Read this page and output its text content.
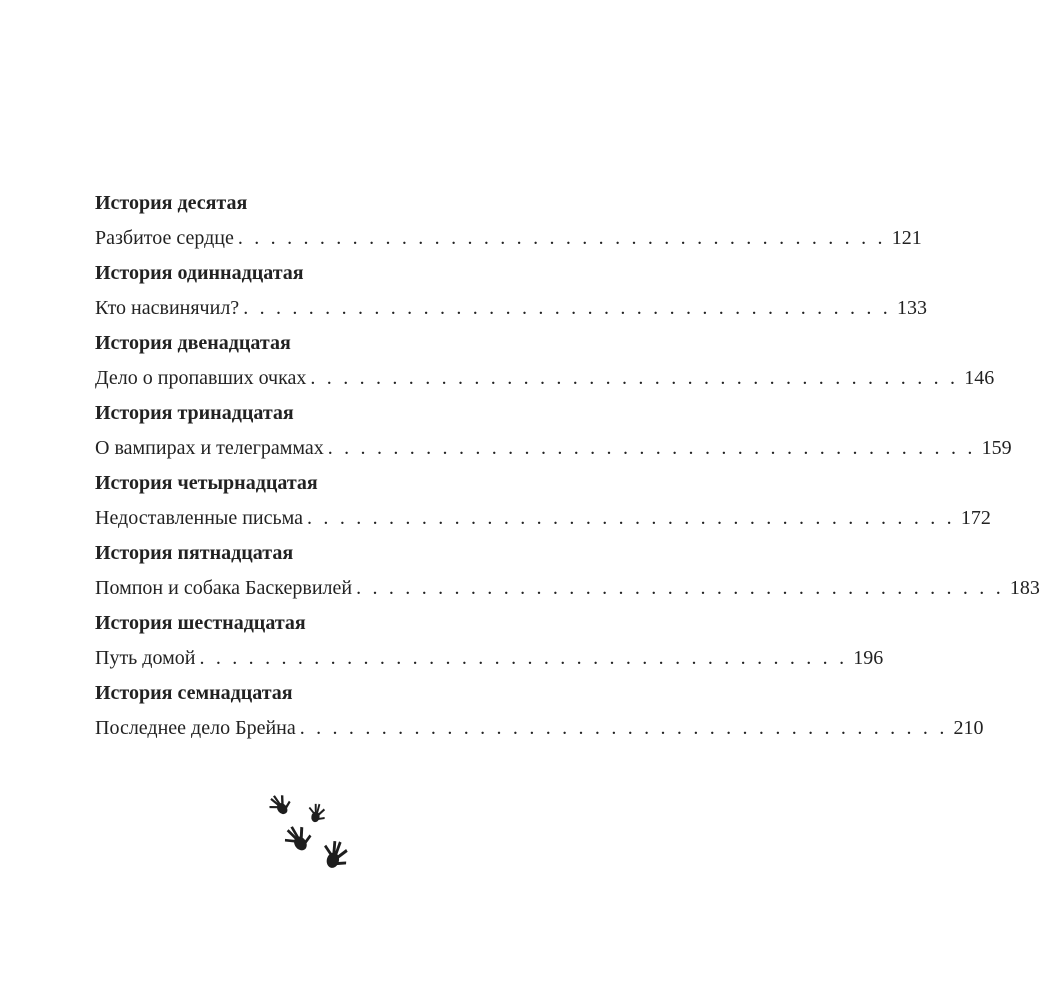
История десятая
Разбитое сердце . . . . . . . . . . . . . . . . . . . . . . . . . . . . . . . . . . . . . . . . 121
История одиннадцатая
Кто насвинячил? . . . . . . . . . . . . . . . . . . . . . . . . . . . . . . . . . . . . . . . . 133
История двенадцатая
Дело о пропавших очках . . . . . . . . . . . . . . . . . . . . . . . . . . . . . . . . . . . . . . . . 146
История тринадцатая
О вампирах и телеграммах . . . . . . . . . . . . . . . . . . . . . . . . . . . . . . . . . . . . . . . . 159
История четырнадцатая
Недоставленные письма . . . . . . . . . . . . . . . . . . . . . . . . . . . . . . . . . . . . . . . . 172
История пятнадцатая
Помпон и собака Баскервилей . . . . . . . . . . . . . . . . . . . . . . . . . . . . . . . . . . . . . . . . 183
История шестнадцатая
Путь домой . . . . . . . . . . . . . . . . . . . . . . . . . . . . . . . . . . . . . . . . 196
История семнадцатая
Последнее дело Брейна . . . . . . . . . . . . . . . . . . . . . . . . . . . . . . . . . . . . . . . . 210
